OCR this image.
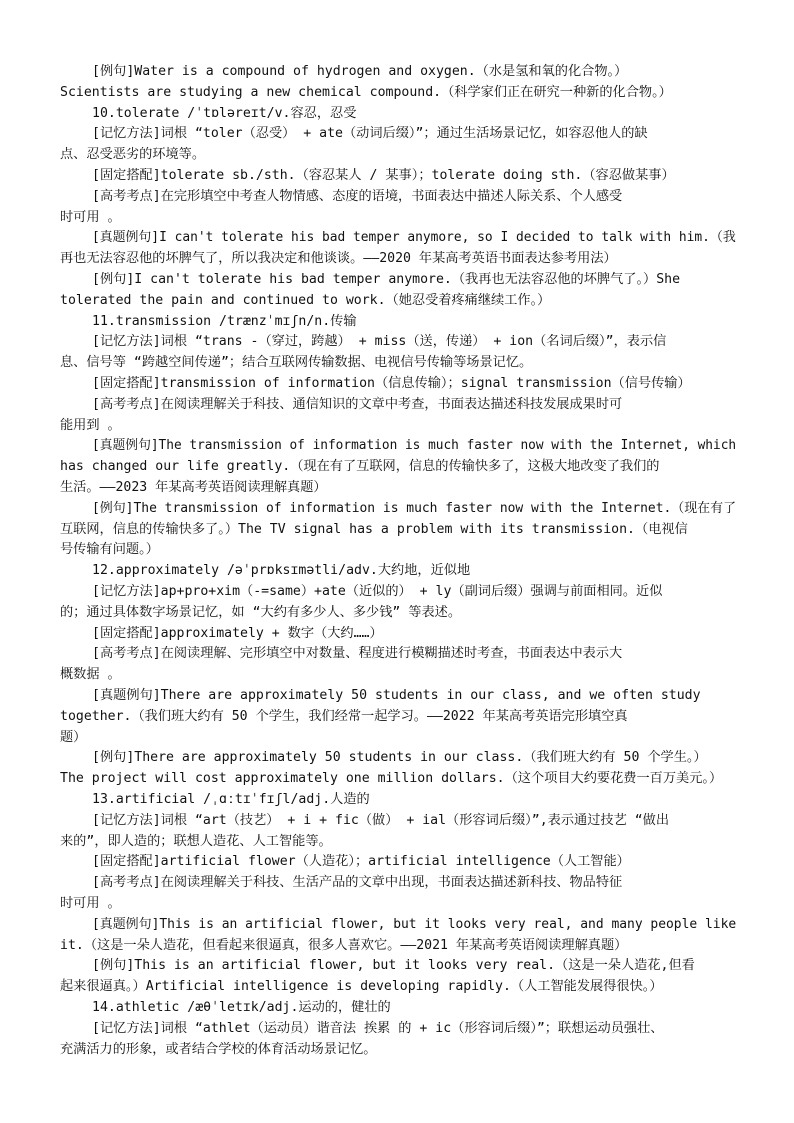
[例句]Water is a compound of hydrogen and oxygen.（水是氢和氧的化合物。）
Scientists are studying a new chemical compound.（科学家们正在研究一种新的化合物。）
10.tolerate /ˈtɒləreɪt/v.容忍，忍受
[记忆方法]词根 “toler（忍受） + ate（动词后缀）”；通过生活场景记忆，如容忍他人的缺
点、忍受恶劣的环境等。
[固定搭配]tolerate sb./sth.（容忍某人 / 某事）；tolerate doing sth.（容忍做某事）
[高考考点]在完形填空中考查人物情感、态度的语境，书面表达中描述人际关系、个人感受
时可用 。
[真题例句]I can't tolerate his bad temper anymore, so I decided to talk with him.（我
再也无法容忍他的坏脾气了，所以我决定和他谈谈。——2020 年某高考英语书面表达参考用法）
[例句]I can't tolerate his bad temper anymore.（我再也无法容忍他的坏脾气了。）She
tolerated the pain and continued to work.（她忍受着疼痛继续工作。）
11.transmission /trænzˈmɪʃn/n.传输
[记忆方法]词根 “trans -（穿过，跨越） + miss（送，传递） + ion（名词后缀）”，表示信
息、信号等 “跨越空间传递”；结合互联网传输数据、电视信号传输等场景记忆。
[固定搭配]transmission of information（信息传输）；signal transmission（信号传输）
[高考考点]在阅读理解关于科技、通信知识的文章中考查，书面表达描述科技发展成果时可
能用到 。
[真题例句]The transmission of information is much faster now with the Internet, which
has changed our life greatly.（现在有了互联网，信息的传输快多了，这极大地改变了我们的
生活。——2023 年某高考英语阅读理解真题）
[例句]The transmission of information is much faster now with the Internet.（现在有了
互联网，信息的传输快多了。）The TV signal has a problem with its transmission.（电视信
号传输有问题。）
12.approximately /əˈprɒksɪmətli/adv.大约地，近似地
[记忆方法]ap+pro+xim（-=same）+ate（近似的） + ly（副词后缀）强调与前面相同。近似
的；通过具体数字场景记忆，如 “大约有多少人、多少钱” 等表述。
[固定搭配]approximately + 数字（大约……）
[高考考点]在阅读理解、完形填空中对数量、程度进行模糊描述时考查，书面表达中表示大
概数据 。
[真题例句]There are approximately 50 students in our class, and we often study
together.（我们班大约有 50 个学生，我们经常一起学习。——2022 年某高考英语完形填空真
题）
[例句]There are approximately 50 students in our class.（我们班大约有 50 个学生。）
The project will cost approximately one million dollars.（这个项目大约要花费一百万美元。）
13.artificial /ˌɑːtɪˈfɪʃl/adj.人造的
[记忆方法]词根 “art（技艺） + i + fic（做） + ial（形容词后缀）”,表示通过技艺 “做出
来的”，即人造的；联想人造花、人工智能等。
[固定搭配]artificial flower（人造花）；artificial intelligence（人工智能）
[高考考点]在阅读理解关于科技、生活产品的文章中出现，书面表达描述新科技、物品特征
时可用 。
[真题例句]This is an artificial flower, but it looks very real, and many people like
it.（这是一朵人造花，但看起来很逼真，很多人喜欢它。——2021 年某高考英语阅读理解真题）
[例句]This is an artificial flower, but it looks very real.（这是一朵人造花,但看
起来很逼真。）Artificial intelligence is developing rapidly.（人工智能发展得很快。）
14.athletic /æθˈletɪk/adj.运动的，健壮的
[记忆方法]词根 “athlet（运动员）谐音法 挨累 的 + ic（形容词后缀）”；联想运动员强壮、
充满活力的形象，或者结合学校的体育活动场景记忆。
